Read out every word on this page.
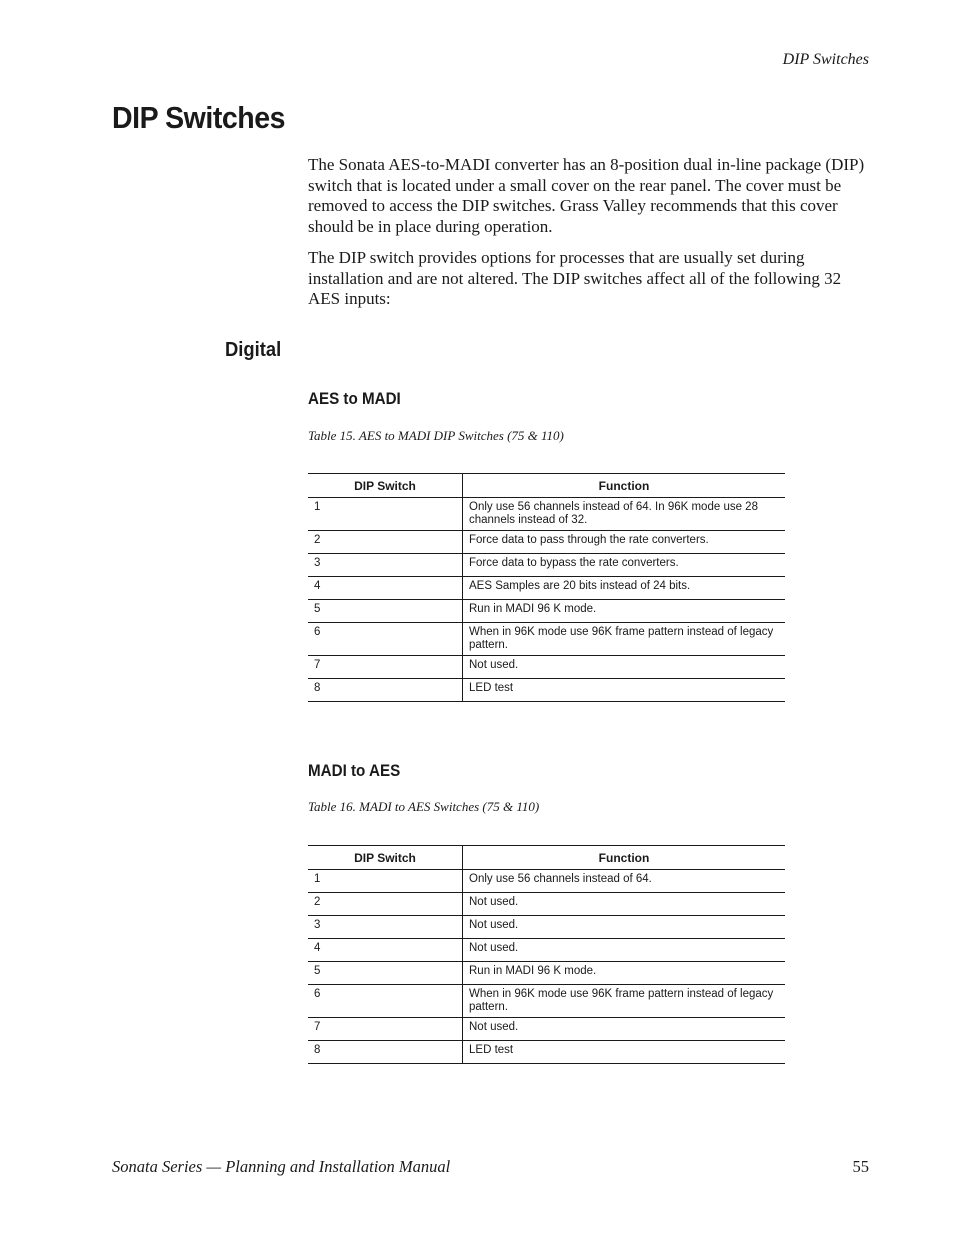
DIP Switches
DIP Switches

The Sonata AES-to-MADI converter has an 8-position dual in-line package (DIP) switch that is located under a small cover on the rear panel. The cover must be removed to access the DIP switches. Grass Valley recommends that this cover should be in place during operation.

The DIP switch provides options for processes that are usually set during installation and are not altered. The DIP switches affect all of the following 32 AES inputs:

Digital
AES to MADI
Table 15. AES to MADI DIP Switches (75 & 110)
DIP Switch	Function
1	Only use 56 channels instead of 64. In 96K mode use 28 channels instead of 32.
2	Force data to pass through the rate converters.
3	Force data to bypass the rate converters.
4	AES Samples are 20 bits instead of 24 bits.
5	Run in MADI 96 K mode.
6	When in 96K mode use 96K frame pattern instead of legacy pattern.
7	Not used.
8	LED test
MADI to AES
Table 16. MADI to AES Switches (75 & 110)
DIP Switch	Function
1	Only use 56 channels instead of 64.
2	Not used.
3	Not used.
4	Not used.
5	Run in MADI 96 K mode.
6	When in 96K mode use 96K frame pattern instead of legacy pattern.
7	Not used.
8	LED test
Sonata Series — Planning and Installation Manual	55
